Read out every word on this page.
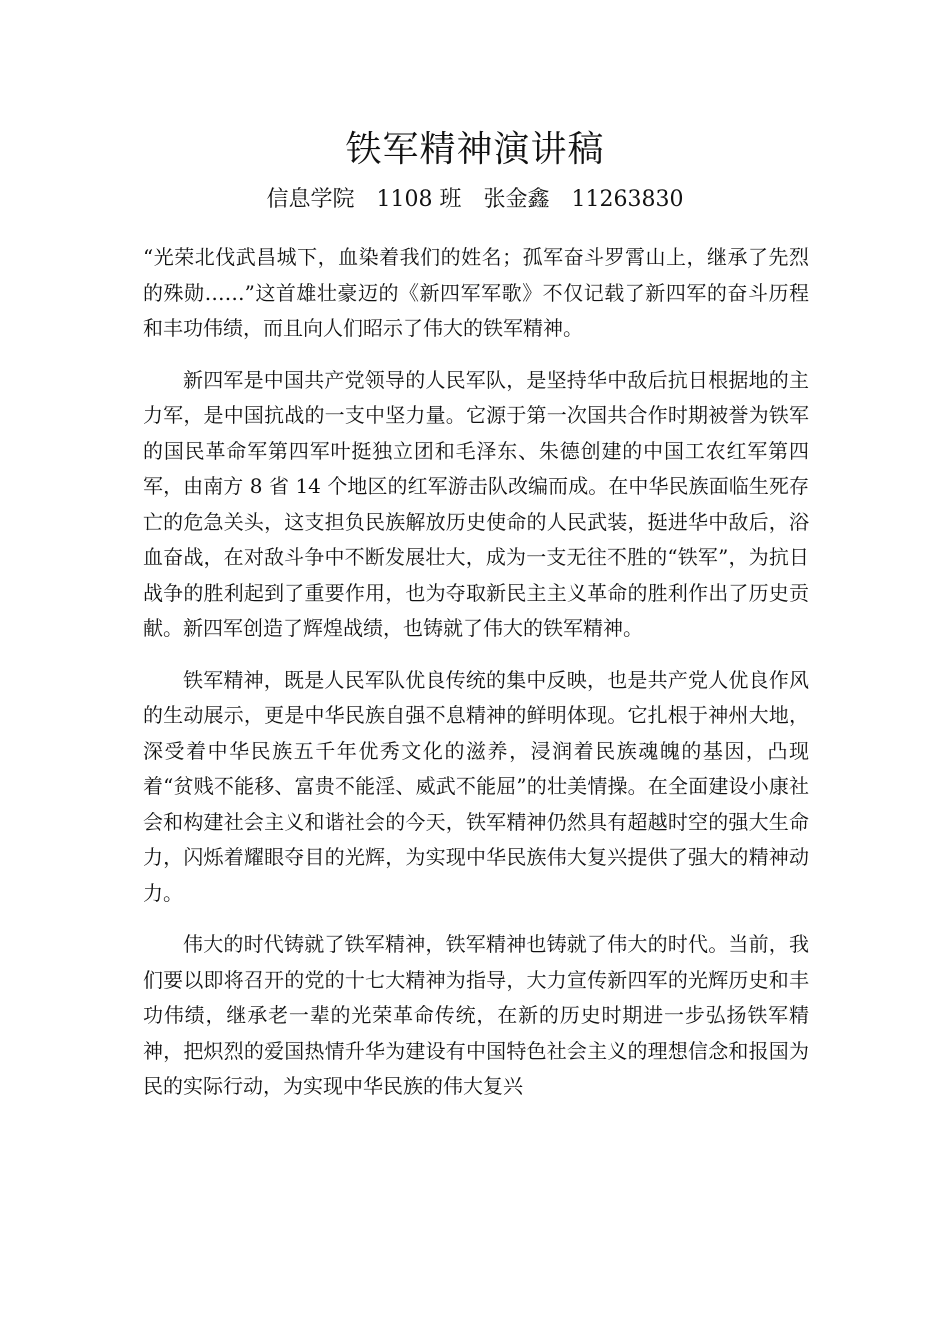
铁军精神演讲稿
信息学院　1108 班　张金鑫　11263830

“光荣北伐武昌城下，血染着我们的姓名；孤军奋斗罗霄山上，继承了先烈的殊勋……”这首雄壮豪迈的《新四军军歌》不仅记载了新四军的奋斗历程和丰功伟绩，而且向人们昭示了伟大的铁军精神。

新四军是中国共产党领导的人民军队，是坚持华中敌后抗日根据地的主力军，是中国抗战的一支中坚力量。它源于第一次国共合作时期被誉为铁军的国民革命军第四军叶挺独立团和毛泽东、朱德创建的中国工农红军第四军，由南方 8 省 14 个地区的红军游击队改编而成。在中华民族面临生死存亡的危急关头，这支担负民族解放历史使命的人民武装，挺进华中敌后，浴血奋战，在对敌斗争中不断发展壮大，成为一支无往不胜的“铁军”，为抗日战争的胜利起到了重要作用，也为夺取新民主主义革命的胜利作出了历史贡献。新四军创造了辉煌战绩，也铸就了伟大的铁军精神。

铁军精神，既是人民军队优良传统的集中反映，也是共产党人优良作风的生动展示，更是中华民族自强不息精神的鲜明体现。它扎根于神州大地，深受着中华民族五千年优秀文化的滋养，浸润着民族魂魄的基因，凸现着“贫贱不能移、富贵不能淫、威武不能屈”的壮美情操。在全面建设小康社会和构建社会主义和谐社会的今天，铁军精神仍然具有超越时空的强大生命力，闪烁着耀眼夺目的光辉，为实现中华民族伟大复兴提供了强大的精神动力。

伟大的时代铸就了铁军精神，铁军精神也铸就了伟大的时代。当前，我们要以即将召开的党的十七大精神为指导，大力宣传新四军的光辉历史和丰功伟绩，继承老一辈的光荣革命传统，在新的历史时期进一步弘扬铁军精神，把炽烈的爱国热情升华为建设有中国特色社会主义的理想信念和报国为民的实际行动，为实现中华民族的伟大复兴
